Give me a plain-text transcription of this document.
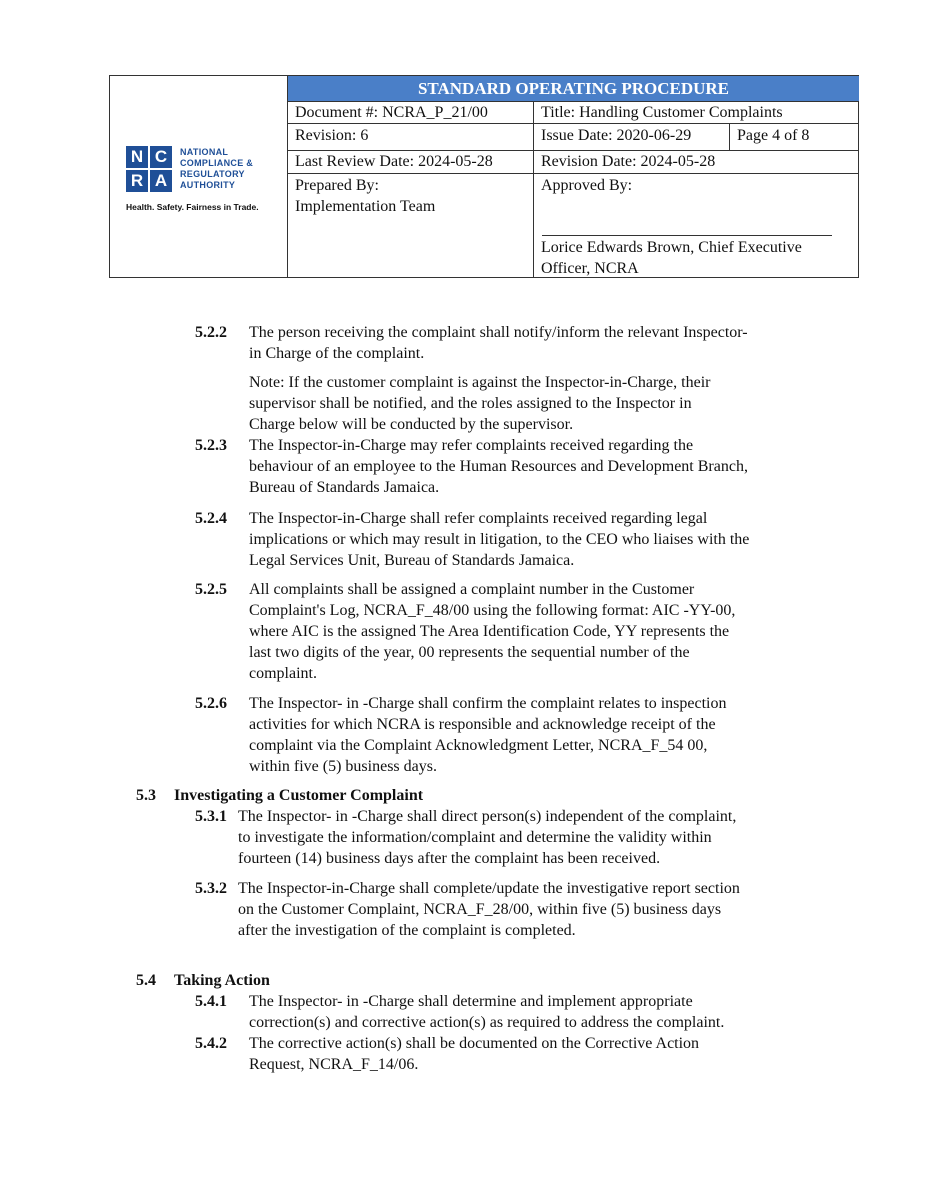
N C
R A
NATIONAL
COMPLIANCE &
REGULATORY
AUTHORITY
Health. Safety. Fairness in Trade.
STANDARD OPERATING PROCEDURE
Document #: NCRA_P_21/00	Title: Handling Customer Complaints
Revision: 6	Issue Date: 2020-06-29	Page 4 of 8
Last Review Date: 2024-05-28	Revision Date: 2024-05-28
Prepared By:
Implementation Team
Approved By:
Lorice Edwards Brown, Chief Executive
Officer, NCRA
5.2.2 The person receiving the complaint shall notify/inform the relevant Inspector-
in Charge of the complaint.
Note: If the customer complaint is against the Inspector-in-Charge, their
supervisor shall be notified, and the roles assigned to the Inspector in
Charge below will be conducted by the supervisor.
5.2.3 The Inspector-in-Charge may refer complaints received regarding the
behaviour of an employee to the Human Resources and Development Branch,
Bureau of Standards Jamaica.
5.2.4 The Inspector-in-Charge shall refer complaints received regarding legal
implications or which may result in litigation, to the CEO who liaises with the
Legal Services Unit, Bureau of Standards Jamaica.
5.2.5 All complaints shall be assigned a complaint number in the Customer
Complaint's Log, NCRA_F_48/00 using the following format: AIC -YY-00,
where AIC is the assigned The Area Identification Code, YY represents the
last two digits of the year, 00 represents the sequential number of the
complaint.
5.2.6 The Inspector- in -Charge shall confirm the complaint relates to inspection
activities for which NCRA is responsible and acknowledge receipt of the
complaint via the Complaint Acknowledgment Letter, NCRA_F_54 00,
within five (5) business days.
5.3 Investigating a Customer Complaint
5.3.1 The Inspector- in -Charge shall direct person(s) independent of the complaint,
to investigate the information/complaint and determine the validity within
fourteen (14) business days after the complaint has been received.
5.3.2 The Inspector-in-Charge shall complete/update the investigative report section
on the Customer Complaint, NCRA_F_28/00, within five (5) business days
after the investigation of the complaint is completed.
5.4 Taking Action
5.4.1 The Inspector- in -Charge shall determine and implement appropriate
correction(s) and corrective action(s) as required to address the complaint.
5.4.2 The corrective action(s) shall be documented on the Corrective Action
Request, NCRA_F_14/06.
